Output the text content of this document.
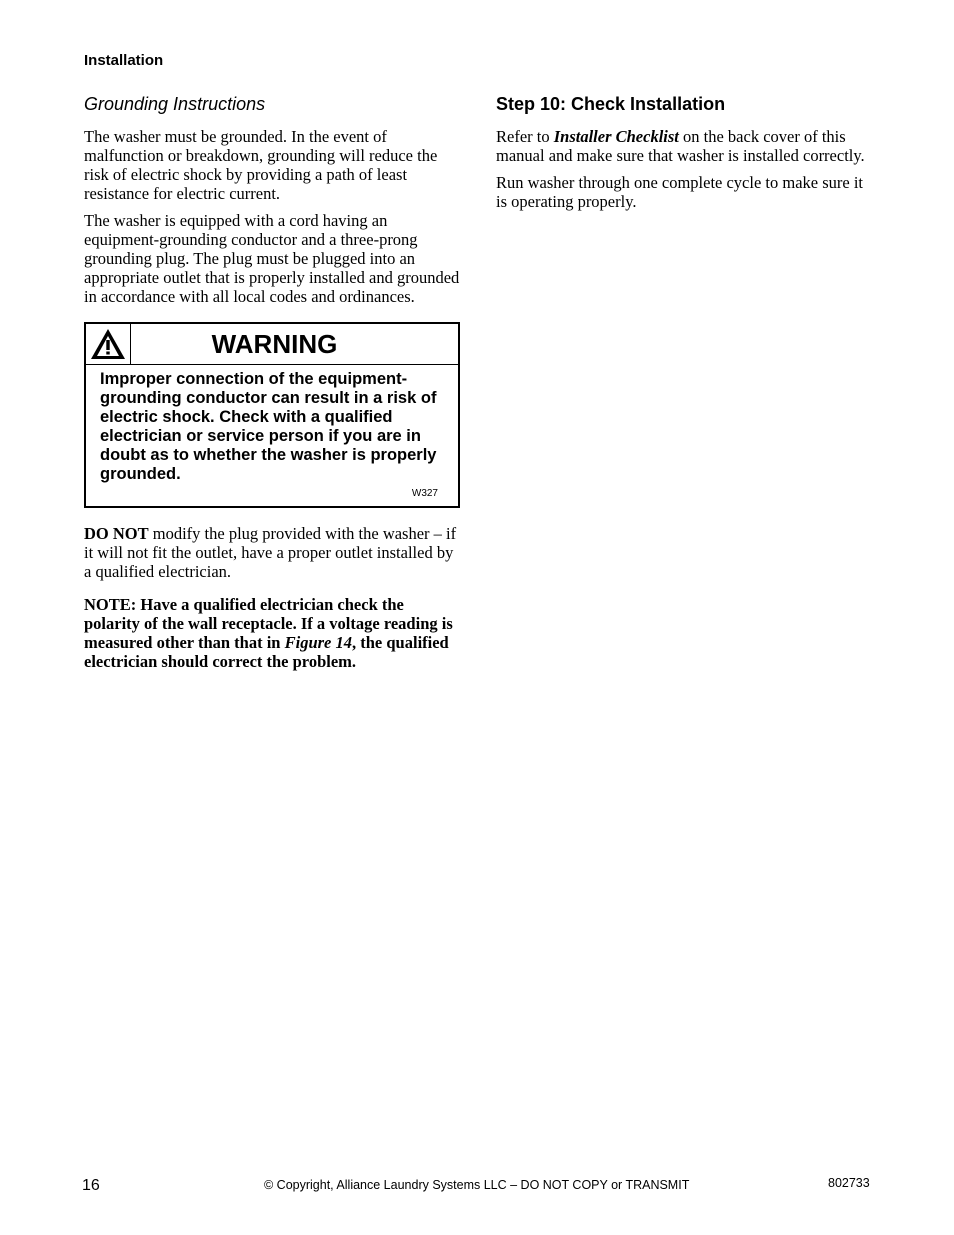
Installation
Grounding Instructions

The washer must be grounded. In the event of malfunction or breakdown, grounding will reduce the risk of electric shock by providing a path of least resistance for electric current.

The washer is equipped with a cord having an equipment-grounding conductor and a three-prong grounding plug. The plug must be plugged into an appropriate outlet that is properly installed and grounded in accordance with all local codes and ordinances.

WARNING
Improper connection of the equipment-grounding conductor can result in a risk of electric shock. Check with a qualified electrician or service person if you are in doubt as to whether the washer is properly grounded.
W327

DO NOT modify the plug provided with the washer – if it will not fit the outlet, have a proper outlet installed by a qualified electrician.

NOTE: Have a qualified electrician check the polarity of the wall receptacle. If a voltage reading is measured other than that in Figure 14, the qualified electrician should correct the problem.

Step 10: Check Installation

Refer to Installer Checklist on the back cover of this manual and make sure that washer is installed correctly.

Run washer through one complete cycle to make sure it is operating properly.

16	© Copyright, Alliance Laundry Systems LLC – DO NOT COPY or TRANSMIT	802733
